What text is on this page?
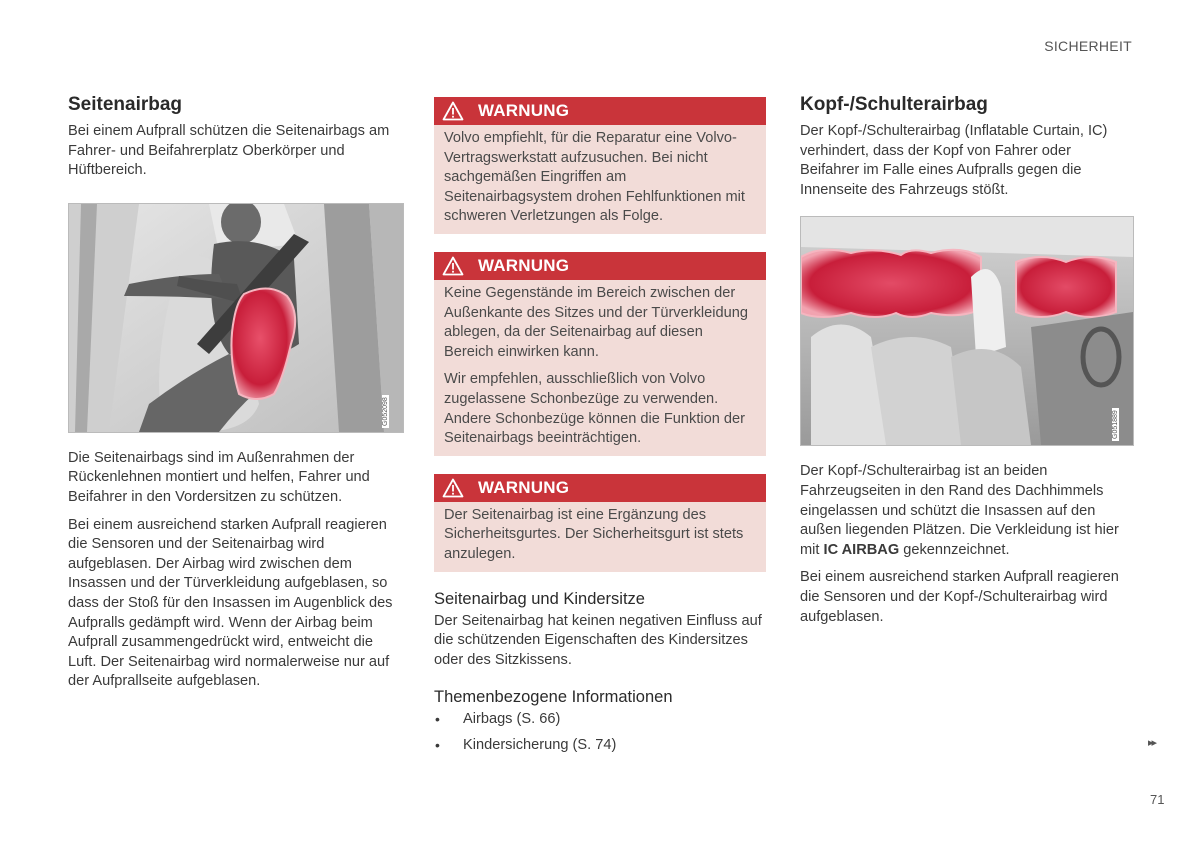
SICHERHEIT
Seitenairbag

Bei einem Aufprall schützen die Seitenairbags am Fahrer- und Beifahrerplatz Oberkörper und Hüftbereich.

G052098

Die Seitenairbags sind im Außenrahmen der Rückenlehnen montiert und helfen, Fahrer und Beifahrer in den Vordersitzen zu schützen.

Bei einem ausreichend starken Aufprall reagieren die Sensoren und der Seitenairbag wird aufgeblasen. Der Airbag wird zwischen dem Insassen und der Türverkleidung aufgeblasen, so dass der Stoß für den Insassen im Augenblick des Aufpralls gedämpft wird. Wenn der Airbag beim Aufprall zusammengedrückt wird, entweicht die Luft. Der Seitenairbag wird normalerweise nur auf der Aufprallseite aufgeblasen.

WARNUNG

Volvo empfiehlt, für die Reparatur eine Volvo-Vertragswerkstatt aufzusuchen. Bei nicht sachgemäßen Eingriffen am Seitenairbagsystem drohen Fehlfunktionen mit schweren Verletzungen als Folge.

WARNUNG

Keine Gegenstände im Bereich zwischen der Außenkante des Sitzes und der Türverkleidung ablegen, da der Seitenairbag auf diesen Bereich einwirken kann.

Wir empfehlen, ausschließlich von Volvo zugelassene Schonbezüge zu verwenden. Andere Schonbezüge können die Funktion der Seitenairbags beeinträchtigen.

WARNUNG

Der Seitenairbag ist eine Ergänzung des Sicherheitsgurtes. Der Sicherheitsgurt ist stets anzulegen.

Seitenairbag und Kindersitze

Der Seitenairbag hat keinen negativen Einfluss auf die schützenden Eigenschaften des Kindersitzes oder des Sitzkissens.

Themenbezogene Informationen
• Airbags (S. 66)
• Kindersicherung (S. 74)
Kopf-/Schulterairbag

Der Kopf-/Schulterairbag (Inflatable Curtain, IC) verhindert, dass der Kopf von Fahrer oder Beifahrer im Falle eines Aufpralls gegen die Innenseite des Fahrzeugs stößt.

G051889

Der Kopf-/Schulterairbag ist an beiden Fahrzeugseiten in den Rand des Dachhimmels eingelassen und schützt die Insassen auf den außen liegenden Plätzen. Die Verkleidung ist hier mit IC AIRBAG gekennzeichnet.

Bei einem ausreichend starken Aufprall reagieren die Sensoren und der Kopf-/Schulterairbag wird aufgeblasen.

▸▸
71
